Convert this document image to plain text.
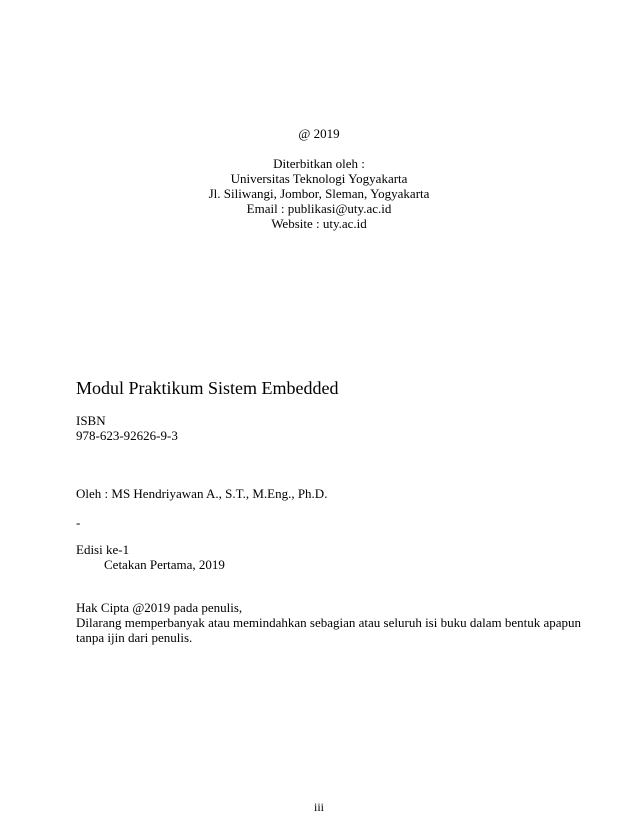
@ 2019
Diterbitkan oleh :
Universitas Teknologi Yogyakarta
Jl. Siliwangi, Jombor, Sleman, Yogyakarta
Email : publikasi@uty.ac.id
Website : uty.ac.id
Modul Praktikum Sistem Embedded
ISBN
978-623-92626-9-3
Oleh : MS Hendriyawan A., S.T., M.Eng., Ph.D.
-
Edisi ke-1
Cetakan Pertama, 2019
Hak Cipta @2019 pada penulis,
Dilarang memperbanyak atau memindahkan sebagian atau seluruh isi buku dalam bentuk apapun
tanpa ijin dari penulis.
iii
